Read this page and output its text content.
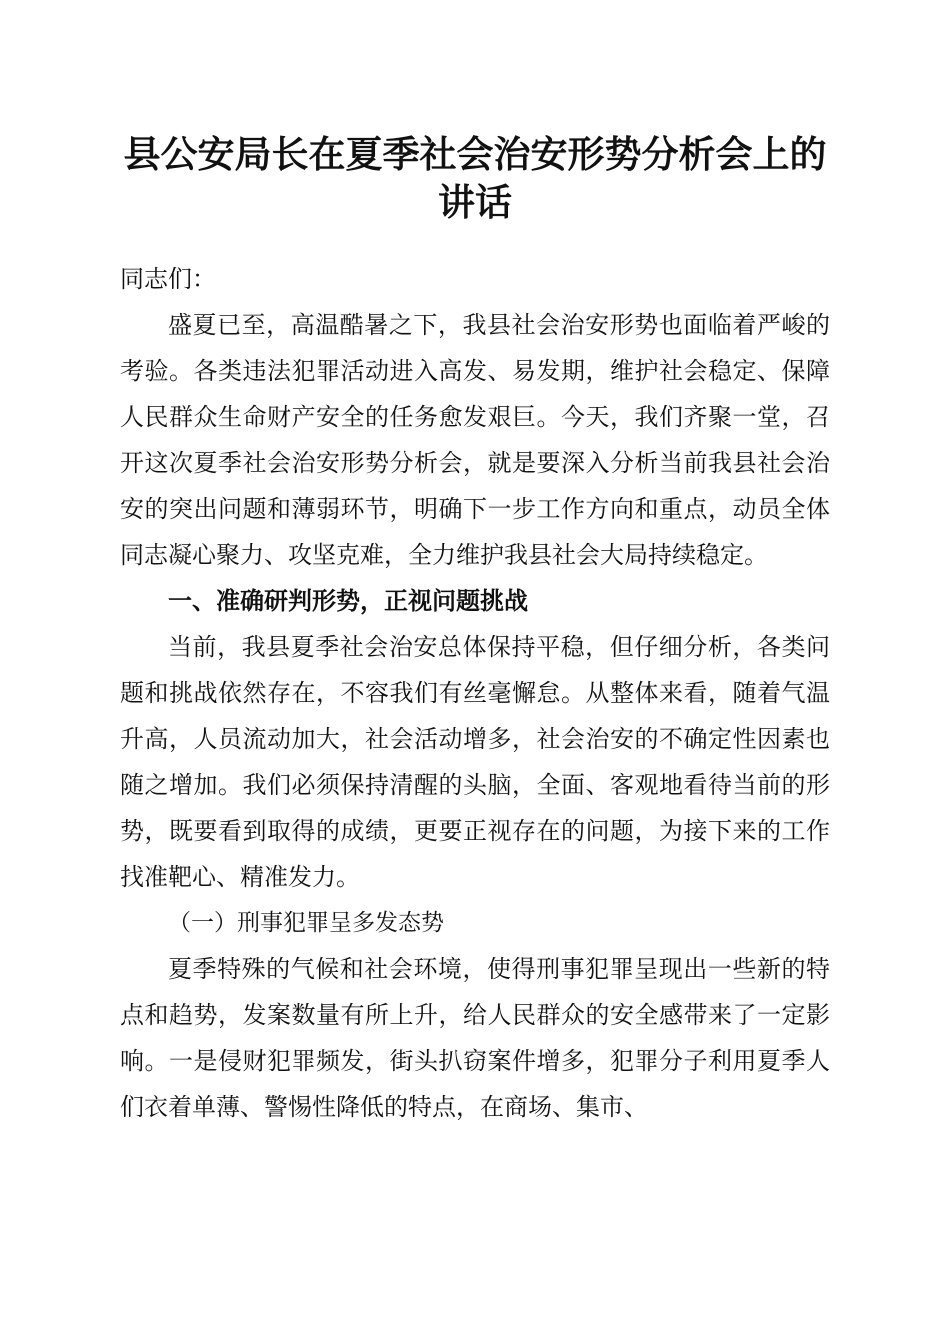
县公安局长在夏季社会治安形势分析会上的讲话

同志们：

盛夏已至，高温酷暑之下，我县社会治安形势也面临着严峻的考验。各类违法犯罪活动进入高发、易发期，维护社会稳定、保障人民群众生命财产安全的任务愈发艰巨。今天，我们齐聚一堂，召开这次夏季社会治安形势分析会，就是要深入分析当前我县社会治安的突出问题和薄弱环节，明确下一步工作方向和重点，动员全体同志凝心聚力、攻坚克难，全力维护我县社会大局持续稳定。

一、准确研判形势，正视问题挑战

当前，我县夏季社会治安总体保持平稳，但仔细分析，各类问题和挑战依然存在，不容我们有丝毫懈怠。从整体来看，随着气温升高，人员流动加大，社会活动增多，社会治安的不确定性因素也随之增加。我们必须保持清醒的头脑，全面、客观地看待当前的形势，既要看到取得的成绩，更要正视存在的问题，为接下来的工作找准靶心、精准发力。

（一）刑事犯罪呈多发态势

夏季特殊的气候和社会环境，使得刑事犯罪呈现出一些新的特点和趋势，发案数量有所上升，给人民群众的安全感带来了一定影响。一是侵财犯罪频发，街头扒窃案件增多，犯罪分子利用夏季人们衣着单薄、警惕性降低的特点，在商场、集市、
